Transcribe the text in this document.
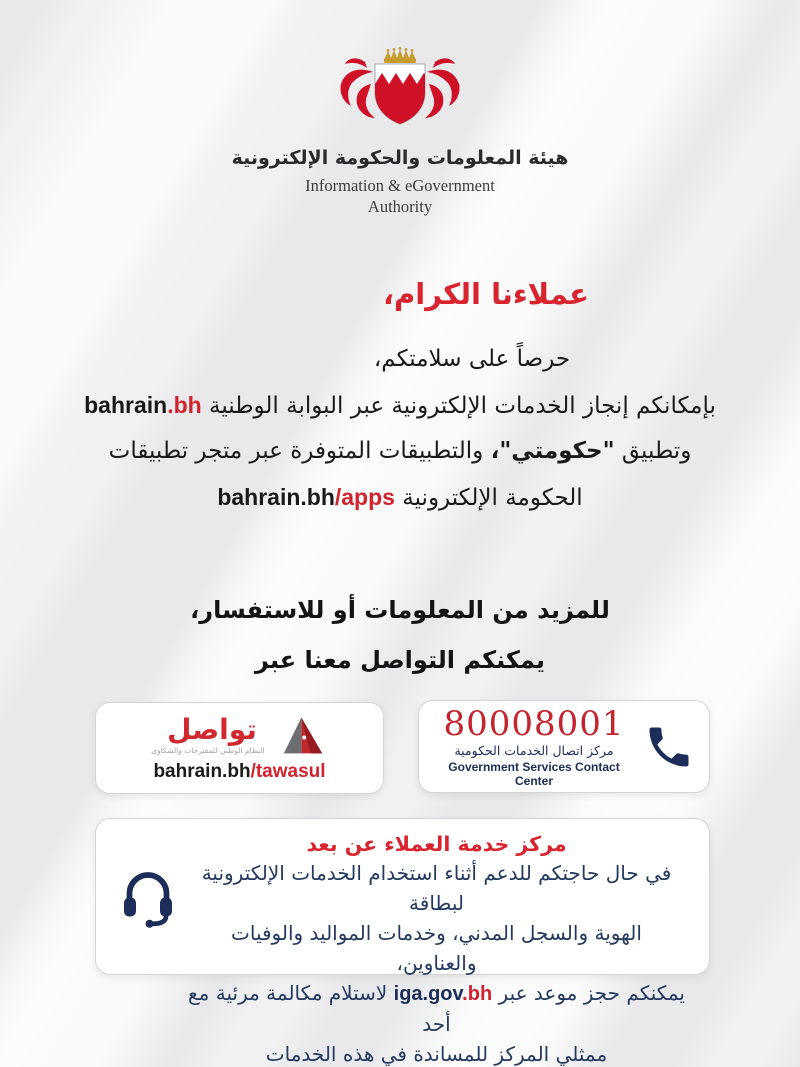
هيئة المعلومات والحكومة الإلكترونية
Information & eGovernment
Authority
عملاءنا الكرام،
حرصاً على سلامتكم،
بإمكانكم إنجاز الخدمات الإلكترونية عبر البوابة الوطنية bahrain.bh
وتطبيق "حكومتي"، والتطبيقات المتوفرة عبر متجر تطبيقات
الحكومة الإلكترونية bahrain.bh/apps
للمزيد من المعلومات أو للاستفسار،
يمكنكم التواصل معنا عبر
تواصل
النظام الوطني للمقترحات والشكاوى
bahrain.bh/tawasul
80008001
مركز اتصال الخدمات الحكومية
Government Services Contact Center
مركز خدمة العملاء عن بعد
في حال حاجتكم للدعم أثناء استخدام الخدمات الإلكترونية لبطاقة
الهوية والسجل المدني، وخدمات المواليد والوفيات والعناوين،
يمكنكم حجز موعد عبر iga.gov.bh لاستلام مكالمة مرئية مع أحد
ممثلي المركز للمساندة في هذه الخدمات
